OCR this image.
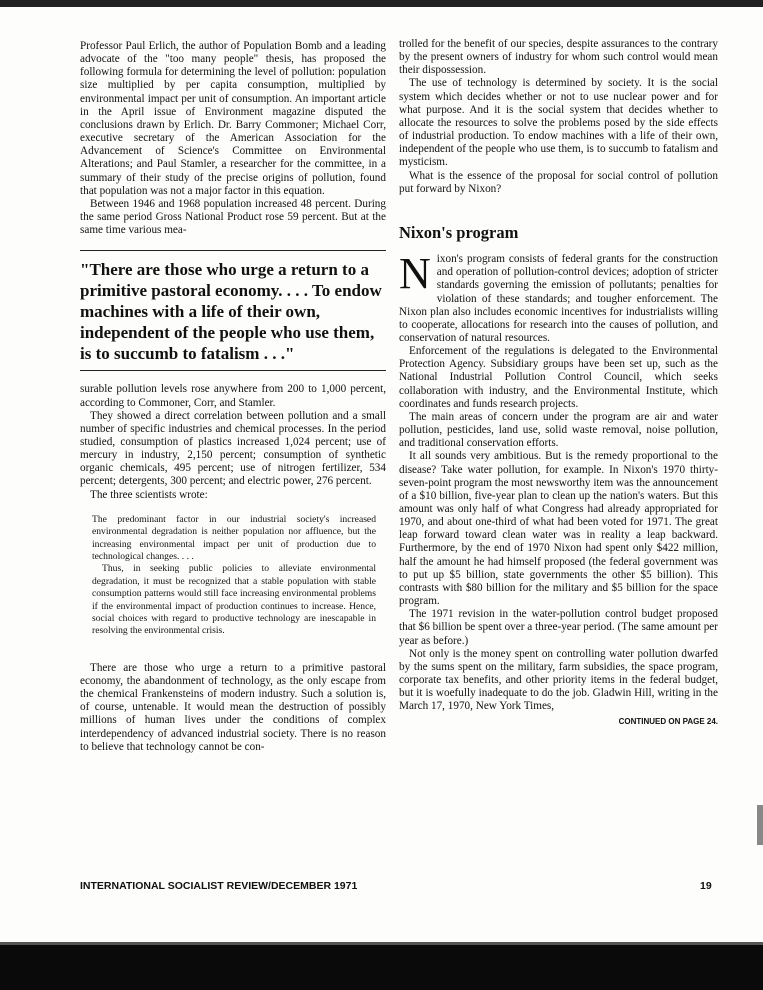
Professor Paul Erlich, the author of Population Bomb and a leading advocate of the "too many people" thesis, has proposed the following formula for determining the level of pollution: population size multiplied by per capita consumption, multiplied by environmental impact per unit of consumption. An important article in the April issue of Environment magazine disputed the conclusions drawn by Erlich. Dr. Barry Commoner; Michael Corr, executive secretary of the American Association for the Advancement of Science's Committee on Environmental Alterations; and Paul Stamler, a researcher for the committee, in a summary of their study of the precise origins of pollution, found that population was not a major factor in this equation.

Between 1946 and 1968 population increased 48 percent. During the same period Gross National Product rose 59 percent. But at the same time various mea-

"There are those who urge a return to a primitive pastoral economy. . . . To endow machines with a life of their own, independent of the people who use them, is to succumb to fatalism . . ."

surable pollution levels rose anywhere from 200 to 1,000 percent, according to Commoner, Corr, and Stamler.

They showed a direct correlation between pollution and a small number of specific industries and chemical processes. In the period studied, consumption of plastics increased 1,024 percent; use of mercury in industry, 2,150 percent; consumption of synthetic organic chemicals, 495 percent; use of nitrogen fertilizer, 534 percent; detergents, 300 percent; and electric power, 276 percent.

The three scientists wrote:

The predominant factor in our industrial society's increased environmental degradation is neither population nor affluence, but the increasing environmental impact per unit of production due to technological changes. . . .

Thus, in seeking public policies to alleviate environmental degradation, it must be recognized that a stable population with stable consumption patterns would still face increasing environmental problems if the environmental impact of production continues to increase. Hence, social choices with regard to productive technology are inescapable in resolving the environmental crisis.

There are those who urge a return to a primitive pastoral economy, the abandonment of technology, as the only escape from the chemical Frankensteins of modern industry. Such a solution is, of course, untenable. It would mean the destruction of possibly millions of human lives under the conditions of complex interdependency of advanced industrial society. There is no reason to believe that technology cannot be con-

trolled for the benefit of our species, despite assurances to the contrary by the present owners of industry for whom such control would mean their dispossession.

The use of technology is determined by society. It is the social system which decides whether or not to use nuclear power and for what purpose. And it is the social system that decides whether to allocate the resources to solve the problems posed by the side effects of industrial production. To endow machines with a life of their own, independent of the people who use them, is to succumb to fatalism and mysticism.

What is the essence of the proposal for social control of pollution put forward by Nixon?

Nixon's program

Nixon's program consists of federal grants for the construction and operation of pollution-control devices; adoption of stricter standards governing the emission of pollutants; penalties for violation of these standards; and tougher enforcement. The Nixon plan also includes economic incentives for industrialists willing to cooperate, allocations for research into the causes of pollution, and conservation of natural resources.

Enforcement of the regulations is delegated to the Environmental Protection Agency. Subsidiary groups have been set up, such as the National Industrial Pollution Control Council, which seeks collaboration with industry, and the Environmental Institute, which coordinates and funds research projects.

The main areas of concern under the program are air and water pollution, pesticides, land use, solid waste removal, noise pollution, and traditional conservation efforts.

It all sounds very ambitious. But is the remedy proportional to the disease? Take water pollution, for example. In Nixon's 1970 thirty-seven-point program the most newsworthy item was the announcement of a $10 billion, five-year plan to clean up the nation's waters. But this amount was only half of what Congress had already appropriated for 1970, and about one-third of what had been voted for 1971. The great leap forward toward clean water was in reality a leap backward. Furthermore, by the end of 1970 Nixon had spent only $422 million, half the amount he had himself proposed (the federal government was to put up $5 billion, state governments the other $5 billion). This contrasts with $80 billion for the military and $5 billion for the space program.

The 1971 revision in the water-pollution control budget proposed that $6 billion be spent over a three-year period. (The same amount per year as before.)

Not only is the money spent on controlling water pollution dwarfed by the sums spent on the military, farm subsidies, the space program, corporate tax benefits, and other priority items in the federal budget, but it is woefully inadequate to do the job. Gladwin Hill, writing in the March 17, 1970, New York Times,

CONTINUED ON PAGE 24.
INTERNATIONAL SOCIALIST REVIEW/DECEMBER 1971	19
